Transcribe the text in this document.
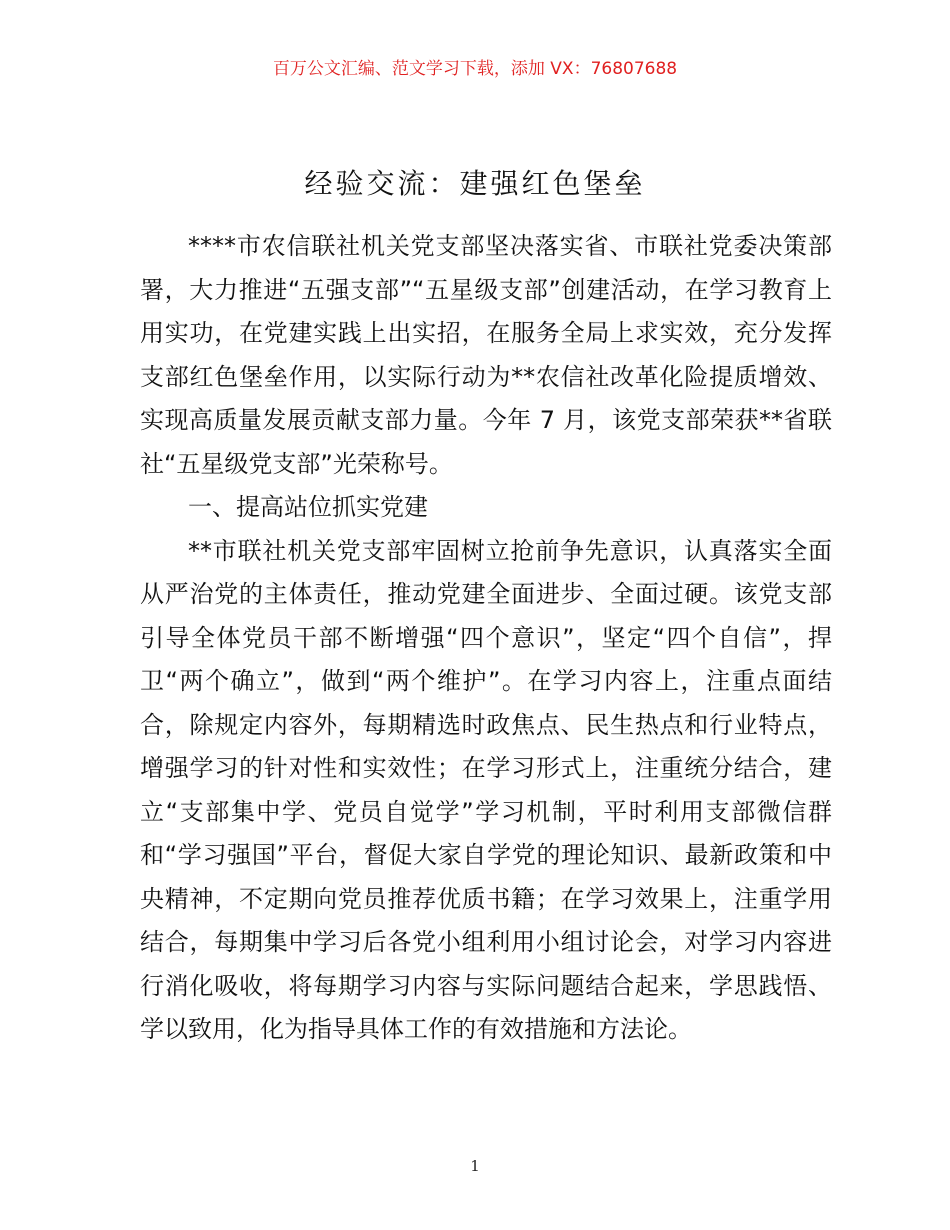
百万公文汇编、范文学习下载，添加 VX：76807688
经验交流：建强红色堡垒

****市农信联社机关党支部坚决落实省、市联社党委决策部署，大力推进“五强支部”“五星级支部”创建活动，在学习教育上用实功，在党建实践上出实招，在服务全局上求实效，充分发挥支部红色堡垒作用，以实际行动为**农信社改革化险提质增效、实现高质量发展贡献支部力量。今年 7 月，该党支部荣获**省联社“五星级党支部”光荣称号。

一、提高站位抓实党建

**市联社机关党支部牢固树立抢前争先意识，认真落实全面从严治党的主体责任，推动党建全面进步、全面过硬。该党支部引导全体党员干部不断增强“四个意识”，坚定“四个自信”，捍卫“两个确立”，做到“两个维护”。在学习内容上，注重点面结合，除规定内容外，每期精选时政焦点、民生热点和行业特点，增强学习的针对性和实效性；在学习形式上，注重统分结合，建立“支部集中学、党员自觉学”学习机制，平时利用支部微信群和“学习强国”平台，督促大家自学党的理论知识、最新政策和中央精神，不定期向党员推荐优质书籍；在学习效果上，注重学用结合，每期集中学习后各党小组利用小组讨论会，对学习内容进行消化吸收，将每期学习内容与实际问题结合起来，学思践悟、学以致用，化为指导具体工作的有效措施和方法论。

1
